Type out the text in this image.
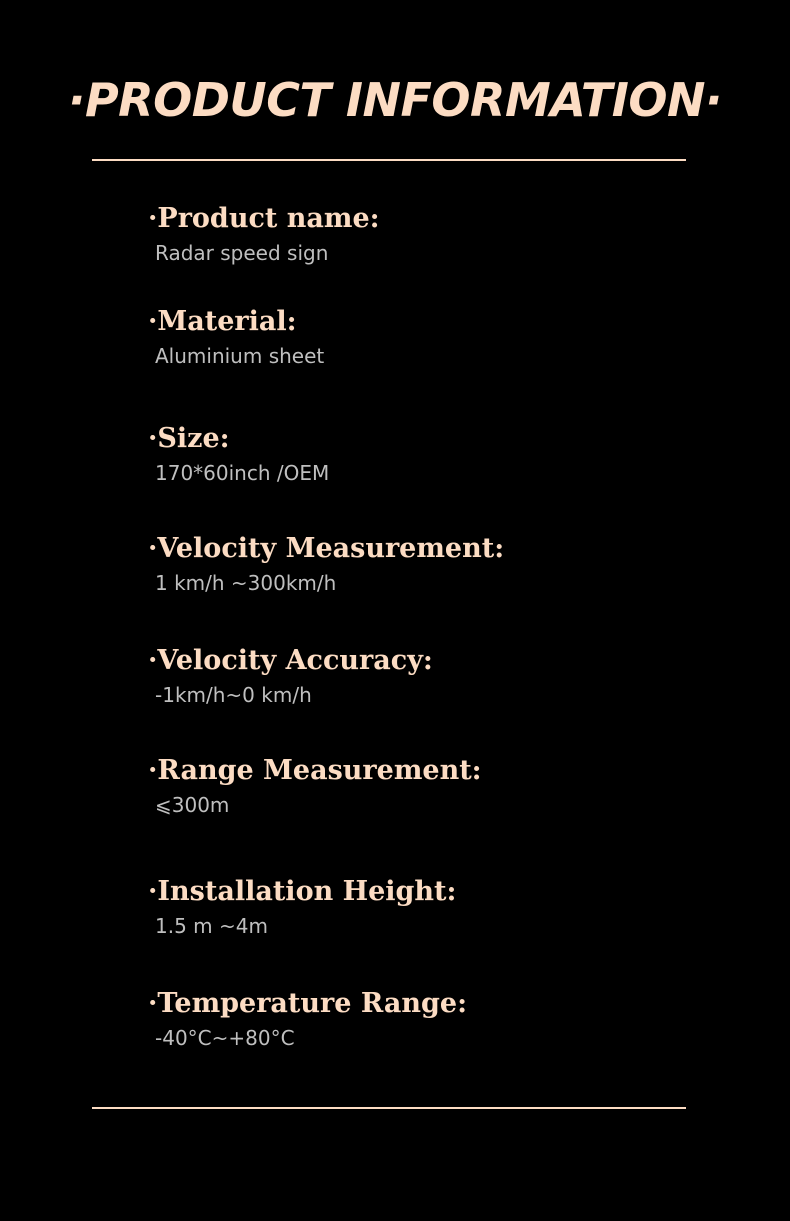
·PRODUCT INFORMATION·
·Product name:
Radar speed sign
·Material:
Aluminium sheet
·Size:
170*60inch /OEM
·Velocity Measurement:
1 km/h ~300km/h
·Velocity Accuracy:
-1km/h~0 km/h
·Range Measurement:
⩽300m
·Installation Height:
1.5 m ~4m
·Temperature Range:
-40°C~+80°C
